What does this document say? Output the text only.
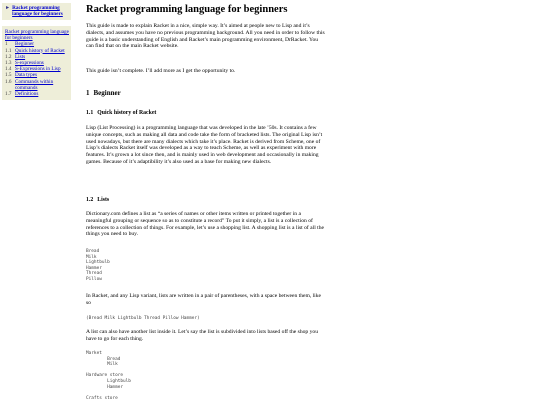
► Racket programming language for beginners
Racket programming language for beginners
1	Beginner
1.1 Quick history of Racket
1.2 Lists
1.3 S-expressions
1.4 S-Expressions in Lisp
1.5 Data types
1.6 Commands within commands
1.7 Definitions
Racket programming language for beginners

This guide is made to explain Racket in a nice, simple way. It’s aimed at people new to Lisp and it’s dialects, and assumes you have no previous programming background. All you need in order to follow this guide is a basic understanding of English and Racket’s main programming environment, DrRacket. You can find that on the main Racket website.

This guide isn’t complete. I’ll add more as I get the opportunity to.

1 Beginner
1.1 Quick history of Racket

Lisp (List Processing) is a programming language that was developed in the late ’50s. It contains a few unique concepts, such as making all data and code take the form of bracketed lists. The original Lisp isn’t used nowadays, but there are many dialects which take it’s place. Racket is derived from Scheme, one of Lisp’s dialects Racket itself was developed as a way to teach Scheme, as well as experiment with more features. It’s grown a lot since then, and is mainly used in web development and occasionally in making games. Because of it’s adaptibility it’s also used as a base for making new dialects.

1.2 Lists

Dictionary.com defines a list as “a series of names or other items written or printed together in a meaningful grouping or sequence so as to constitute a record” To put it simply, a list is a collection of references to a collection of things. For example, let’s use a shopping list. A shopping list is a list of all the things you need to buy.

Bread
Milk
Lightbulb
Hammer
Thread
Pillow

In Racket, and any Lisp variant, lists are written in a pair of parentheses, with a space between them, like so

(Bread Milk Lightbulb Thread Pillow Hammer)

A list can also have another list inside it. Let’s say the list is subdivided into lists based off the shop you have to go for each thing.

Market
Bread
Milk

Hardware store
Lightbulb
Hammer

Crafts store
